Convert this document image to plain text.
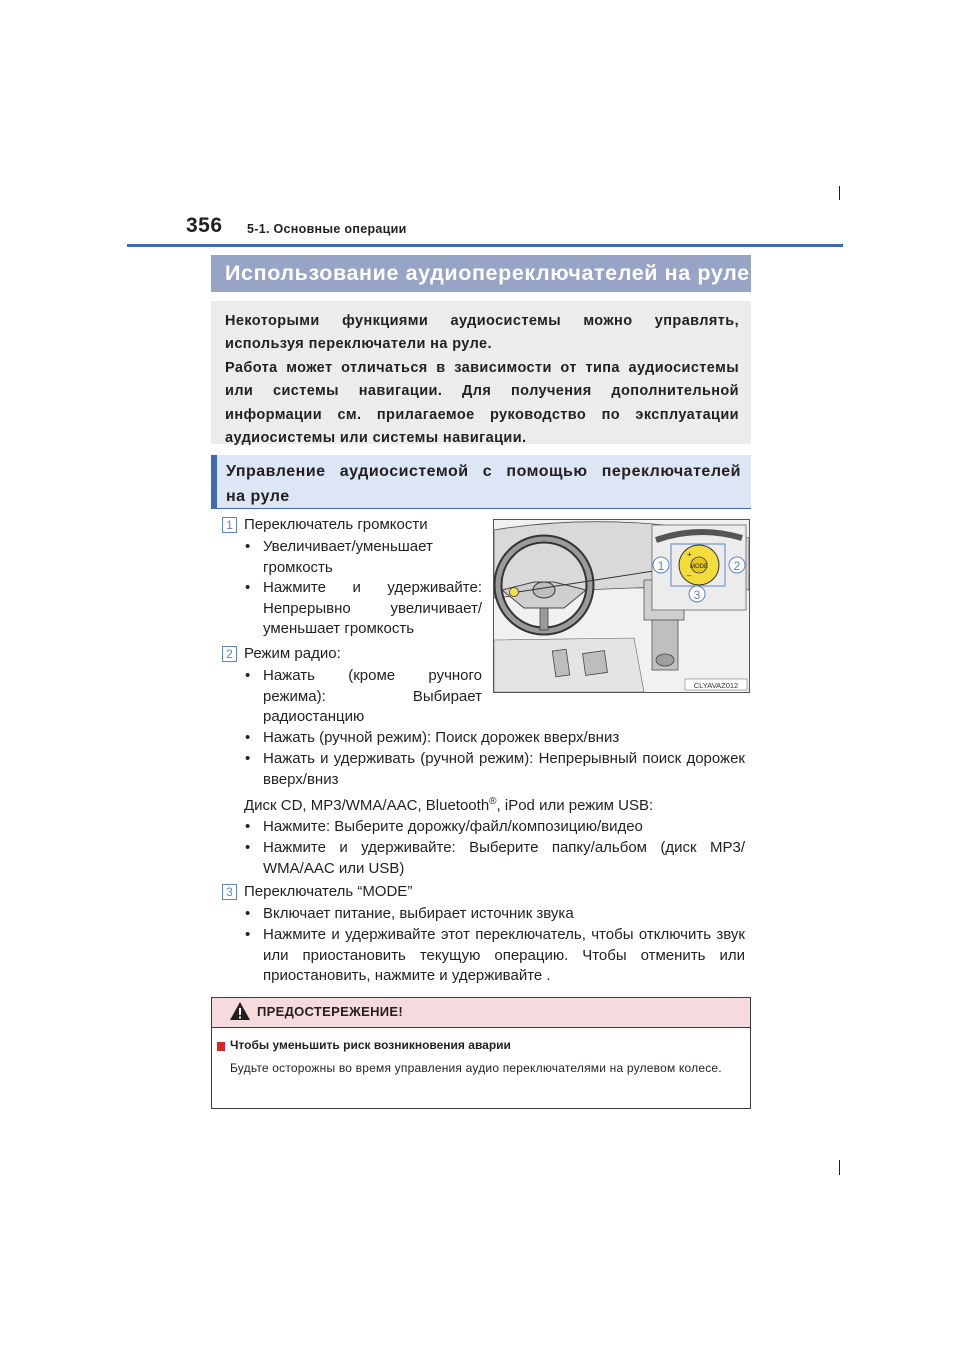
356 5-1. Основные операции
Использование аудиопереключателей на руле

Некоторыми функциями аудиосистемы можно управлять, используя переключатели на руле.

Работа может отличаться в зависимости от типа аудиосистемы или системы навигации. Для получения дополнительной информации см. прилагаемое руководство по эксплуатации аудиосистемы или системы навигации.

Управление аудиосистемой с помощью переключателей
на руле
MODE
+
–
1	2
3
CLYAVAZ012
1 Переключатель громкости
• Увеличивает/уменьшает громкость
• Нажмите и удерживайте: Непрерывно увеличивает/ уменьшает громкость
2 Режим радио:
• Нажать (кроме ручного режима): Выбирает радиостанцию
• Нажать (ручной режим): Поиск дорожек вверх/вниз
• Нажать и удерживать (ручной режим): Непрерывный поиск дорожек вверх/вниз
Диск CD, MP3/WMA/AAC, Bluetooth®, iPod или режим USB:
• Нажмите: Выберите дорожку/файл/композицию/видео
• Нажмите и удерживайте: Выберите папку/альбом (диск MP3/ WMA/AAC или USB)
3 Переключатель “MODE”
• Включает питание, выбирает источник звука
• Нажмите и удерживайте этот переключатель, чтобы отключить звук или приостановить текущую операцию. Чтобы отменить или приостановить, нажмите и удерживайте .
ПРЕДОСТЕРЕЖЕНИЕ!
Чтобы уменьшить риск возникновения аварии
Будьте осторожны во время управления аудио переключателями на рулевом колесе.
